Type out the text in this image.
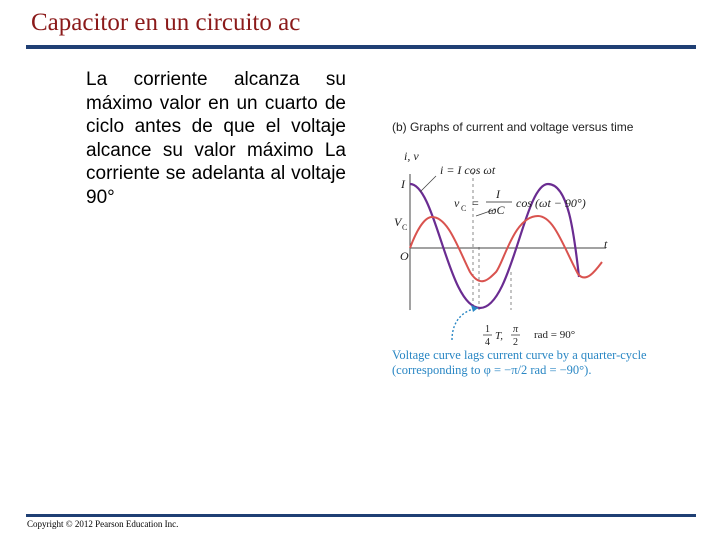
Capacitor en un circuito ac

La corriente alcanza su máximo valor en un cuarto de ciclo antes de que el voltaje alcance su valor máximo La corriente se adelanta al voltaje 90°

(b) Graphs of current and voltage versus time
i, v
t
I
V C
O
i = I cos ωt
v C =
I
ωC cos (ωt − 90°)
1
4
T,
π
2
rad = 90°
Voltage curve lags current curve by a quarter-cycle (corresponding to φ = −π/2 rad = −90°).
Copyright © 2012 Pearson Education Inc.
